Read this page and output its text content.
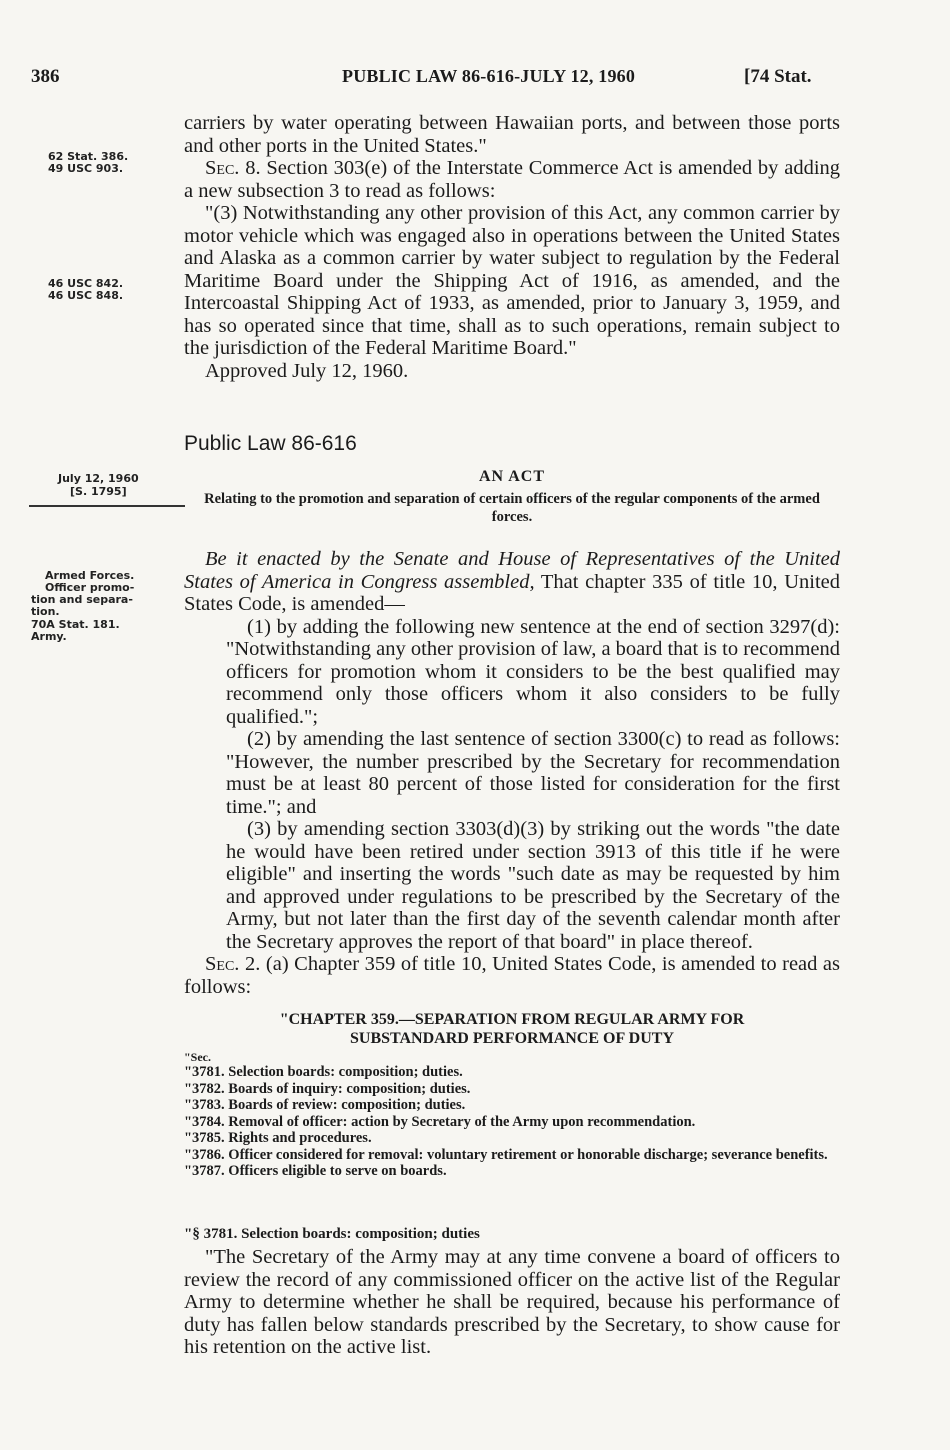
386	PUBLIC LAW 86-616-JULY 12, 1960	[74 Stat.
62 Stat. 386.
49 USC 903.
46 USC 842.
46 USC 848.
July 12, 1960
[S. 1795]
Armed Forces.
Officer promo-
tion and separa-
tion.
70A Stat. 181.
Army.

carriers by water operating between Hawaiian ports, and between those ports and other ports in the United States."

Sec. 8. Section 303(e) of the Interstate Commerce Act is amended by adding a new subsection 3 to read as follows:

"(3) Notwithstanding any other provision of this Act, any common carrier by motor vehicle which was engaged also in operations between the United States and Alaska as a common carrier by water subject to regulation by the Federal Maritime Board under the Shipping Act of 1916, as amended, and the Intercoastal Shipping Act of 1933, as amended, prior to January 3, 1959, and has so operated since that time, shall as to such operations, remain subject to the jurisdiction of the Federal Maritime Board."

Approved July 12, 1960.

Public Law 86-616
AN ACT
Relating to the promotion and separation of certain officers of the regular components of the armed forces.

Be it enacted by the Senate and House of Representatives of the United States of America in Congress assembled, That chapter 335 of title 10, United States Code, is amended—

(1) by adding the following new sentence at the end of section 3297(d): "Notwithstanding any other provision of law, a board that is to recommend officers for promotion whom it considers to be the best qualified may recommend only those officers whom it also considers to be fully qualified.";

(2) by amending the last sentence of section 3300(c) to read as follows: "However, the number prescribed by the Secretary for recommendation must be at least 80 percent of those listed for consideration for the first time."; and

(3) by amending section 3303(d)(3) by striking out the words "the date he would have been retired under section 3913 of this title if he were eligible" and inserting the words "such date as may be requested by him and approved under regulations to be prescribed by the Secretary of the Army, but not later than the first day of the seventh calendar month after the Secretary approves the report of that board" in place thereof.

Sec. 2. (a) Chapter 359 of title 10, United States Code, is amended to read as follows:

"CHAPTER 359.—SEPARATION FROM REGULAR ARMY FOR
SUBSTANDARD PERFORMANCE OF DUTY
"Sec.
"3781. Selection boards: composition; duties.
"3782. Boards of inquiry: composition; duties.
"3783. Boards of review: composition; duties.
"3784. Removal of officer: action by Secretary of the Army upon recommendation.
"3785. Rights and procedures.
"3786. Officer considered for removal: voluntary retirement or honorable discharge; severance benefits.
"3787. Officers eligible to serve on boards.
"§ 3781. Selection boards: composition; duties

"The Secretary of the Army may at any time convene a board of officers to review the record of any commissioned officer on the active list of the Regular Army to determine whether he shall be required, because his performance of duty has fallen below standards prescribed by the Secretary, to show cause for his retention on the active list.
